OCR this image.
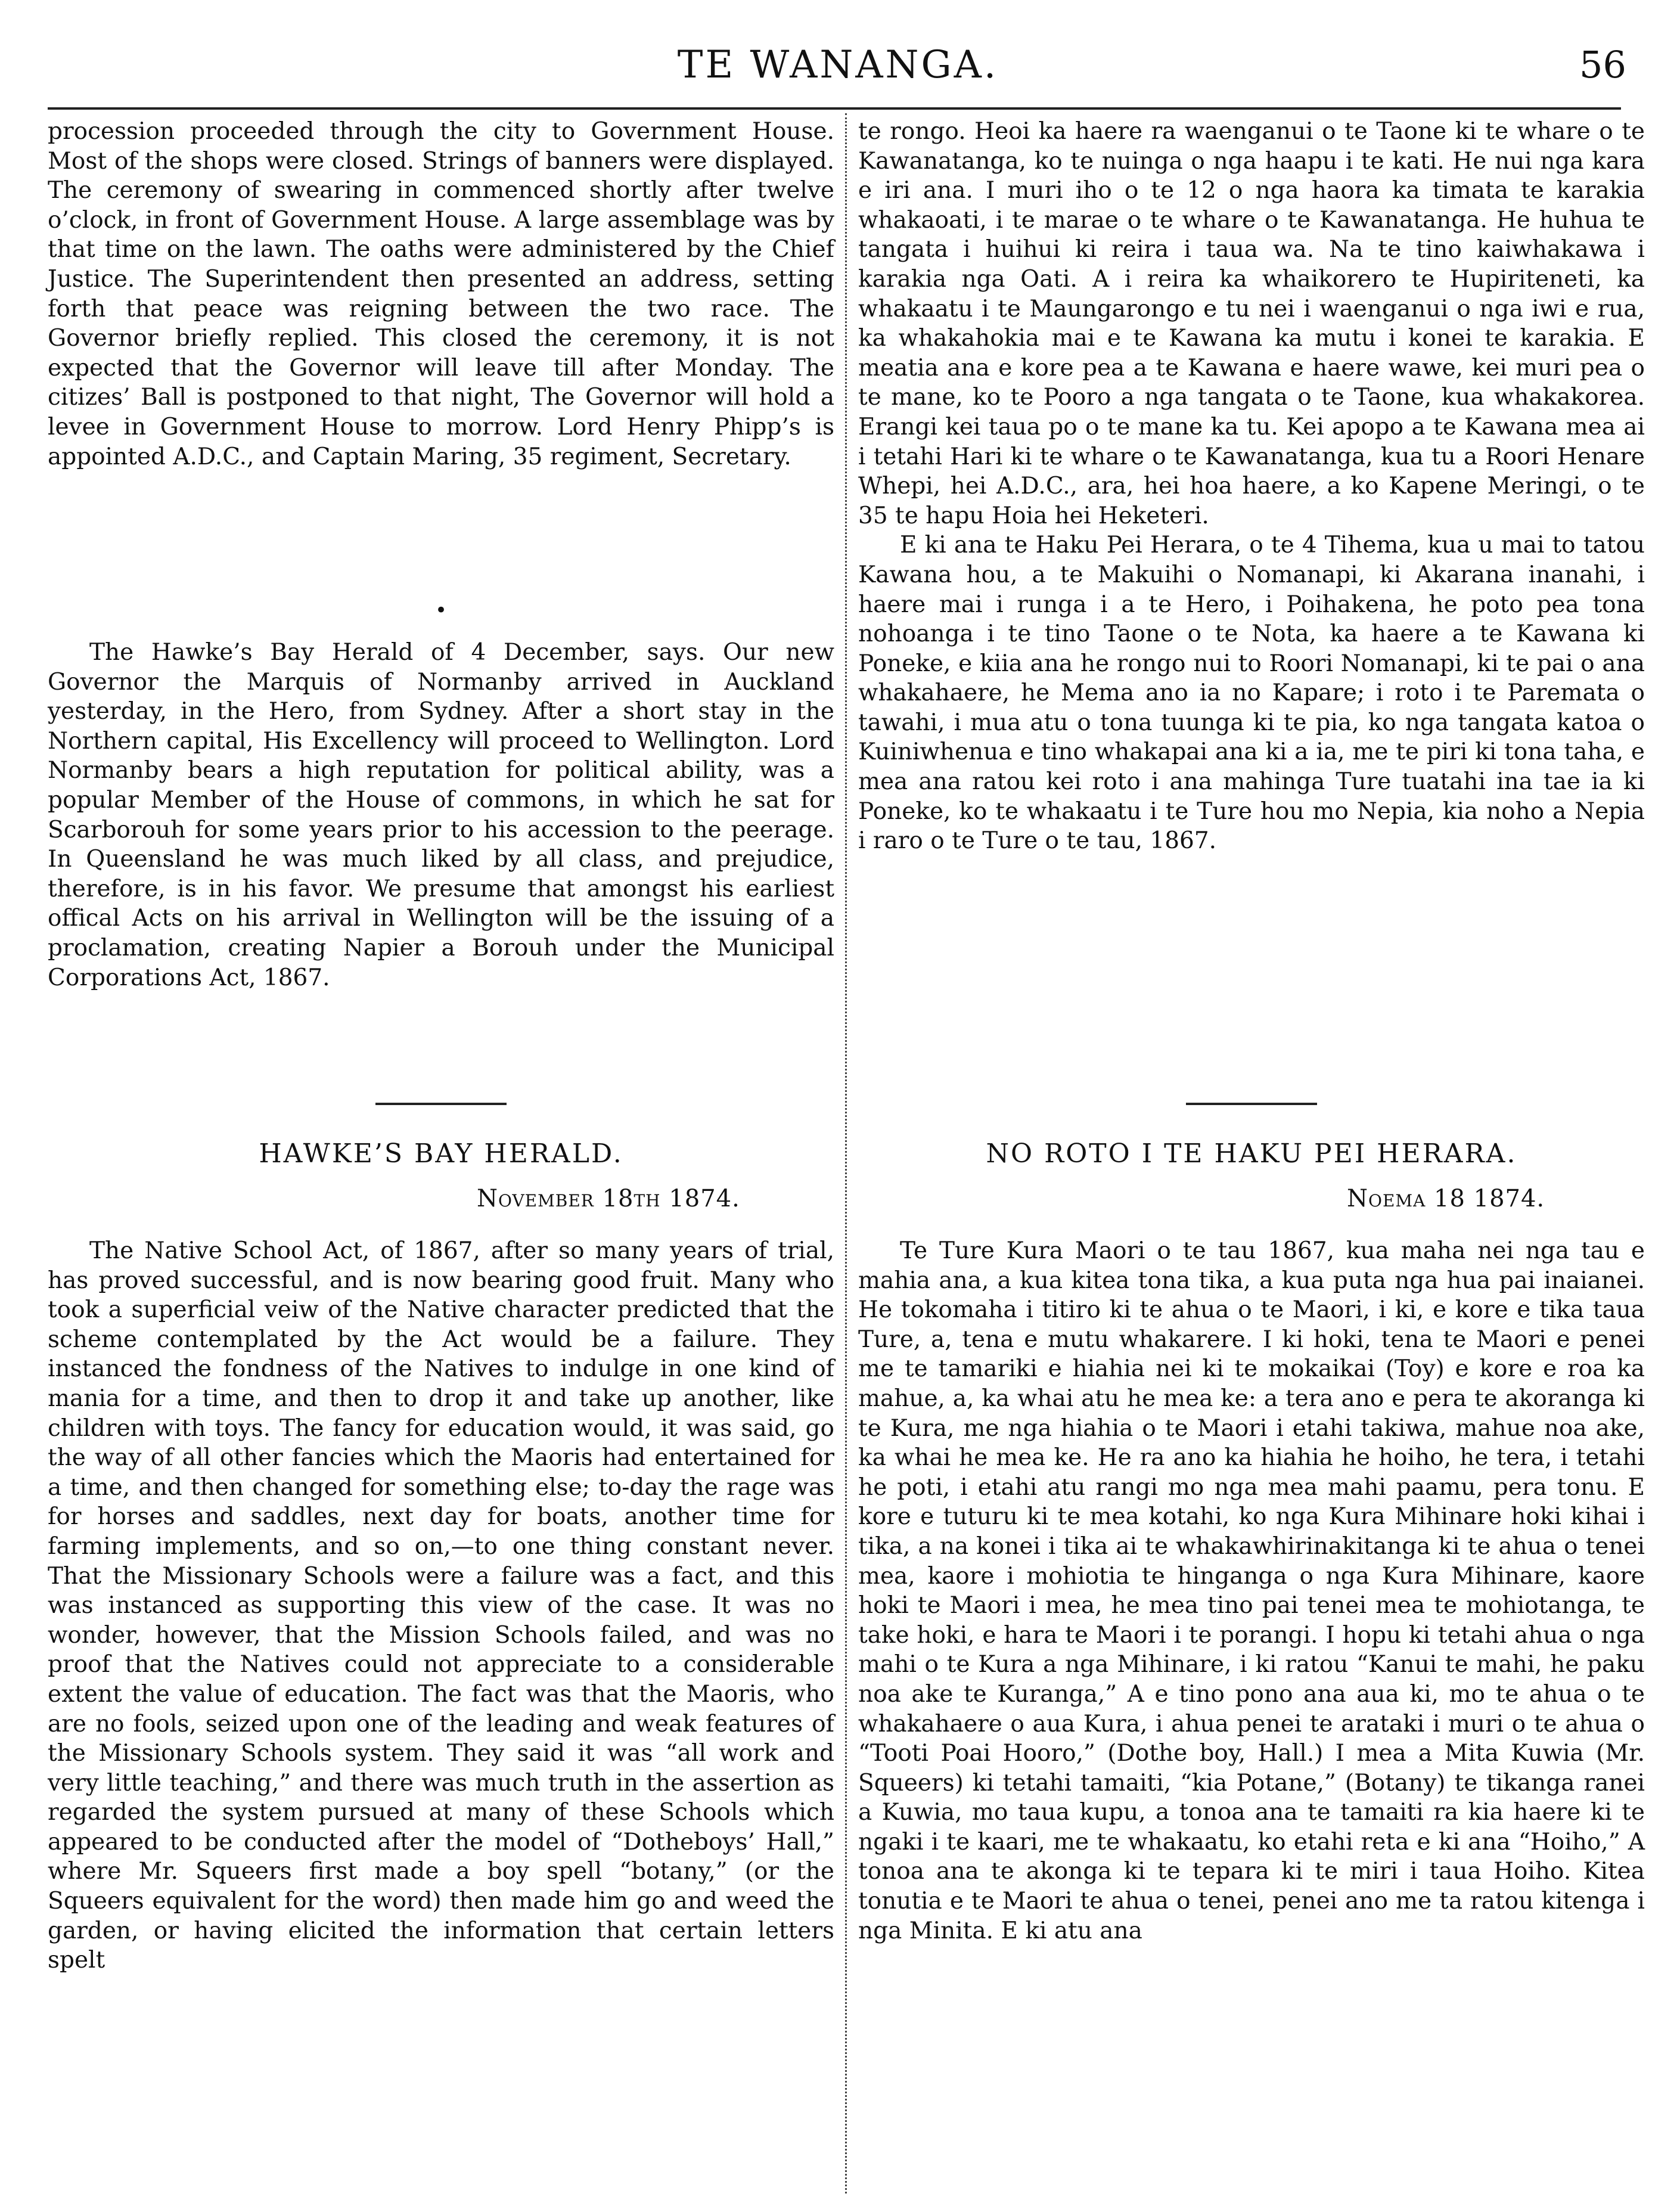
TE WANANGA.	56

procession proceeded through the city to Government House. Most of the shops were closed. Strings of banners were displayed. The ceremony of swearing in commenced shortly after twelve o’clock, in front of Government House. A large assemblage was by that time on the lawn. The oaths were administered by the Chief Justice. The Superintendent then presented an address, setting forth that peace was reigning between the two race. The Governor briefly replied. This closed the ceremony, it is not expected that the Governor will leave till after Monday. The citizes’ Ball is postponed to that night, The Governor will hold a levee in Government House to morrow. Lord Henry Phipp’s is appointed A.D.C., and Captain Maring, 35 regiment, Secretary.

•

The Hawke’s Bay Herald of 4 December, says. Our new Governor the Marquis of Normanby arrived in Auckland yesterday, in the Hero, from Sydney. After a short stay in the Northern capital, His Excellency will proceed to Wellington. Lord Normanby bears a high reputation for political ability, was a popular Member of the House of commons, in which he sat for Scarborouh for some years prior to his accession to the peerage. In Queensland he was much liked by all class, and prejudice, therefore, is in his favor. We presume that amongst his earliest offical Acts on his arrival in Wellington will be the issuing of a proclamation, creating Napier a Borouh under the Municipal Corporations Act, 1867.

HAWKE’S BAY HERALD.
November 18th 1874.

The Native School Act, of 1867, after so many years of trial, has proved successful, and is now bearing good fruit. Many who took a superficial veiw of the Native character predicted that the scheme contemplated by the Act would be a failure. They instanced the fondness of the Natives to indulge in one kind of mania for a time, and then to drop it and take up another, like children with toys. The fancy for education would, it was said, go the way of all other fancies which the Maoris had entertained for a time, and then changed for something else; to-day the rage was for horses and saddles, next day for boats, another time for farming implements, and so on,—to one thing constant never. That the Missionary Schools were a failure was a fact, and this was instanced as supporting this view of the case. It was no wonder, however, that the Mission Schools failed, and was no proof that the Natives could not appreciate to a considerable extent the value of education. The fact was that the Maoris, who are no fools, seized upon one of the leading and weak features of the Missionary Schools system. They said it was “all work and very little teaching,” and there was much truth in the assertion as regarded the system pursued at many of these Schools which appeared to be conducted after the model of “Dotheboys’ Hall,” where Mr. Squeers first made a boy spell “botany,” (or the Squeers equivalent for the word) then made him go and weed the garden, or having elicited the information that certain letters spelt

te rongo. Heoi ka haere ra waenganui o te Taone ki te whare o te Kawanatanga, ko te nuinga o nga haapu i te kati. He nui nga kara e iri ana. I muri iho o te 12 o nga haora ka timata te karakia whakaoati, i te marae o te whare o te Kawanatanga. He huhua te tangata i huihui ki reira i taua wa. Na te tino kaiwhakawa i karakia nga Oati. A i reira ka whaikorero te Hupiriteneti, ka whakaatu i te Maungarongo e tu nei i waenganui o nga iwi e rua, ka whakahokia mai e te Kawana ka mutu i konei te karakia. E meatia ana e kore pea a te Kawana e haere wawe, kei muri pea o te mane, ko te Pooro a nga tangata o te Taone, kua whakakorea. Erangi kei taua po o te mane ka tu. Kei apopo a te Kawana mea ai i tetahi Hari ki te whare o te Kawanatanga, kua tu a Roori Henare Whepi, hei A.D.C., ara, hei hoa haere, a ko Kapene Meringi, o te 35 te hapu Hoia hei Heketeri.

E ki ana te Haku Pei Herara, o te 4 Tihema, kua u mai to tatou Kawana hou, a te Makuihi o Nomanapi, ki Akarana inanahi, i haere mai i runga i a te Hero, i Poihakena, he poto pea tona nohoanga i te tino Taone o te Nota, ka haere a te Kawana ki Poneke, e kiia ana he rongo nui to Roori Nomanapi, ki te pai o ana whakahaere, he Mema ano ia no Kapare; i roto i te Paremata o tawahi, i mua atu o tona tuunga ki te pia, ko nga tangata katoa o Kuiniwhenua e tino whakapai ana ki a ia, me te piri ki tona taha, e mea ana ratou kei roto i ana mahinga Ture tuatahi ina tae ia ki Poneke, ko te whakaatu i te Ture hou mo Nepia, kia noho a Nepia i raro o te Ture o te tau, 1867.

NO ROTO I TE HAKU PEI HERARA.
Noema 18 1874.

Te Ture Kura Maori o te tau 1867, kua maha nei nga tau e mahia ana, a kua kitea tona tika, a kua puta nga hua pai inaianei. He tokomaha i titiro ki te ahua o te Maori, i ki, e kore e tika taua Ture, a, tena e mutu whakarere. I ki hoki, tena te Maori e penei me te tamariki e hiahia nei ki te mokaikai (Toy) e kore e roa ka mahue, a, ka whai atu he mea ke: a tera ano e pera te akoranga ki te Kura, me nga hiahia o te Maori i etahi takiwa, mahue noa ake, ka whai he mea ke. He ra ano ka hiahia he hoiho, he tera, i tetahi he poti, i etahi atu rangi mo nga mea mahi paamu, pera tonu. E kore e tuturu ki te mea kotahi, ko nga Kura Mihinare hoki kihai i tika, a na konei i tika ai te whakawhirinakitanga ki te ahua o tenei mea, kaore i mohiotia te hinganga o nga Kura Mihinare, kaore hoki te Maori i mea, he mea tino pai tenei mea te mohiotanga, te take hoki, e hara te Maori i te porangi. I hopu ki tetahi ahua o nga mahi o te Kura a nga Mihinare, i ki ratou “Kanui te mahi, he paku noa ake te Kuranga,” A e tino pono ana aua ki, mo te ahua o te whakahaere o aua Kura, i ahua penei te arataki i muri o te ahua o “Tooti Poai Hooro,” (Dothe boy, Hall.) I mea a Mita Kuwia (Mr. Squeers) ki tetahi tamaiti, “kia Potane,” (Botany) te tikanga ranei a Kuwia, mo taua kupu, a tonoa ana te tamaiti ra kia haere ki te ngaki i te kaari, me te whakaatu, ko etahi reta e ki ana “Hoiho,” A tonoa ana te akonga ki te tepara ki te miri i taua Hoiho. Kitea tonutia e te Maori te ahua o tenei, penei ano me ta ratou kitenga i nga Minita. E ki atu ana
